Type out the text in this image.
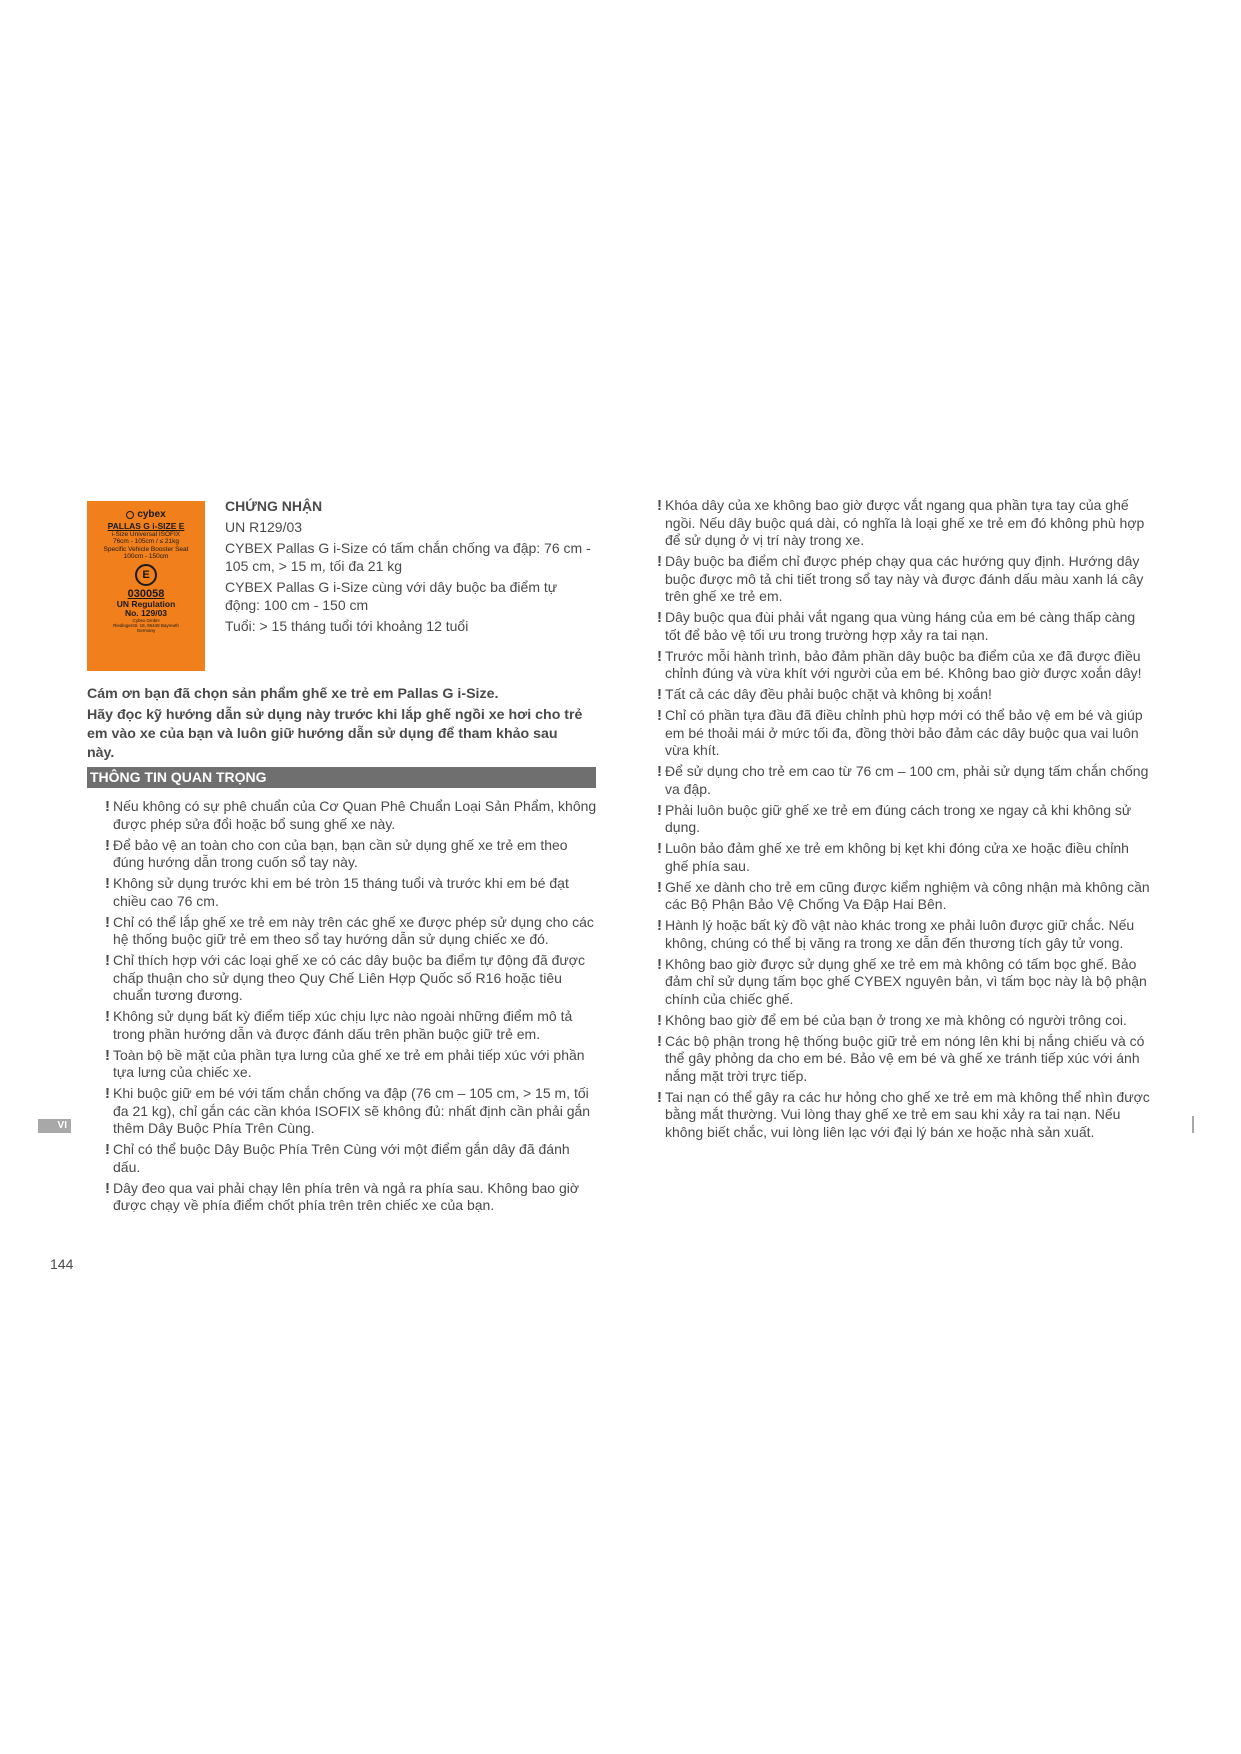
cybex
PALLAS G i-SIZE E
i-Size Universal ISOFIX
76cm - 105cm / ≤ 21kg
Specific Vehicle Booster Seat
100cm - 150cm
E
030058
UN Regulation
No. 129/03
Cybex GmbH
Riedingerstr. 18, 95448 Bayreuth
Germany
CHỨNG NHẬN

UN R129/03

CYBEX Pallas G i-Size có tấm chắn chống va đập: 76 cm - 105 cm, > 15 m, tối đa 21 kg

CYBEX Pallas G i-Size cùng với dây buộc ba điểm tự động: 100 cm - 150 cm

Tuổi: > 15 tháng tuổi tới khoảng 12 tuổi

Cám ơn bạn đã chọn sản phẩm ghế xe trẻ em Pallas G i-Size.

Hãy đọc kỹ hướng dẫn sử dụng này trước khi lắp ghế ngồi xe hơi cho trẻ em vào xe của bạn và luôn giữ hướng dẫn sử dụng để tham khảo sau này.

THÔNG TIN QUAN TRỌNG
! Nếu không có sự phê chuẩn của Cơ Quan Phê Chuẩn Loại Sản Phẩm, không được phép sửa đổi hoặc bổ sung ghế xe này.
! Để bảo vệ an toàn cho con của bạn, bạn cần sử dụng ghế xe trẻ em theo đúng hướng dẫn trong cuốn sổ tay này.
! Không sử dụng trước khi em bé tròn 15 tháng tuổi và trước khi em bé đạt chiều cao 76 cm.
! Chỉ có thể lắp ghế xe trẻ em này trên các ghế xe được phép sử dụng cho các hệ thống buộc giữ trẻ em theo sổ tay hướng dẫn sử dụng chiếc xe đó.
! Chỉ thích hợp với các loại ghế xe có các dây buộc ba điểm tự động đã được chấp thuận cho sử dụng theo Quy Chế Liên Hợp Quốc số R16 hoặc tiêu chuẩn tương đương.
! Không sử dụng bất kỳ điểm tiếp xúc chịu lực nào ngoài những điểm mô tả trong phần hướng dẫn và được đánh dấu trên phần buộc giữ trẻ em.
! Toàn bộ bề mặt của phần tựa lưng của ghế xe trẻ em phải tiếp xúc với phần tựa lưng của chiếc xe.
! Khi buộc giữ em bé với tấm chắn chống va đập (76 cm – 105 cm, > 15 m, tối đa 21 kg), chỉ gắn các cần khóa ISOFIX sẽ không đủ: nhất định cần phải gắn thêm Dây Buộc Phía Trên Cùng.
! Chỉ có thể buộc Dây Buộc Phía Trên Cùng với một điểm gắn dây đã đánh dấu.
! Dây đeo qua vai phải chạy lên phía trên và ngả ra phía sau. Không bao giờ được chạy về phía điểm chốt phía trên trên chiếc xe của bạn.
! Khóa dây của xe không bao giờ được vắt ngang qua phần tựa tay của ghế ngồi. Nếu dây buộc quá dài, có nghĩa là loại ghế xe trẻ em đó không phù hợp để sử dụng ở vị trí này trong xe.
! Dây buộc ba điểm chỉ được phép chạy qua các hướng quy định. Hướng dây buộc được mô tả chi tiết trong sổ tay này và được đánh dấu màu xanh lá cây trên ghế xe trẻ em.
! Dây buộc qua đùi phải vắt ngang qua vùng háng của em bé càng thấp càng tốt để bảo vệ tối ưu trong trường hợp xảy ra tai nạn.
! Trước mỗi hành trình, bảo đảm phần dây buộc ba điểm của xe đã được điều chỉnh đúng và vừa khít với người của em bé. Không bao giờ được xoắn dây!
! Tất cả các dây đều phải buộc chặt và không bị xoắn!
! Chỉ có phần tựa đầu đã điều chỉnh phù hợp mới có thể bảo vệ em bé và giúp em bé thoải mái ở mức tối đa, đồng thời bảo đảm các dây buộc qua vai luôn vừa khít.
! Để sử dụng cho trẻ em cao từ 76 cm – 100 cm, phải sử dụng tấm chắn chống va đập.
! Phải luôn buộc giữ ghế xe trẻ em đúng cách trong xe ngay cả khi không sử dụng.
! Luôn bảo đảm ghế xe trẻ em không bị kẹt khi đóng cửa xe hoặc điều chỉnh ghế phía sau.
! Ghế xe dành cho trẻ em cũng được kiểm nghiệm và công nhận mà không cần các Bộ Phận Bảo Vệ Chống Va Đập Hai Bên.
! Hành lý hoặc bất kỳ đồ vật nào khác trong xe phải luôn được giữ chắc. Nếu không, chúng có thể bị văng ra trong xe dẫn đến thương tích gây tử vong.
! Không bao giờ được sử dụng ghế xe trẻ em mà không có tấm bọc ghế. Bảo đảm chỉ sử dụng tấm bọc ghế CYBEX nguyên bản, vì tấm bọc này là bộ phận chính của chiếc ghế.
! Không bao giờ để em bé của bạn ở trong xe mà không có người trông coi.
! Các bộ phận trong hệ thống buộc giữ trẻ em nóng lên khi bị nắng chiếu và có thể gây phỏng da cho em bé. Bảo vệ em bé và ghế xe tránh tiếp xúc với ánh nắng mặt trời trực tiếp.
! Tai nạn có thể gây ra các hư hỏng cho ghế xe trẻ em mà không thể nhìn được bằng mắt thường. Vui lòng thay ghế xe trẻ em sau khi xảy ra tai nạn. Nếu không biết chắc, vui lòng liên lạc với đại lý bán xe hoặc nhà sản xuất.
VI
144
